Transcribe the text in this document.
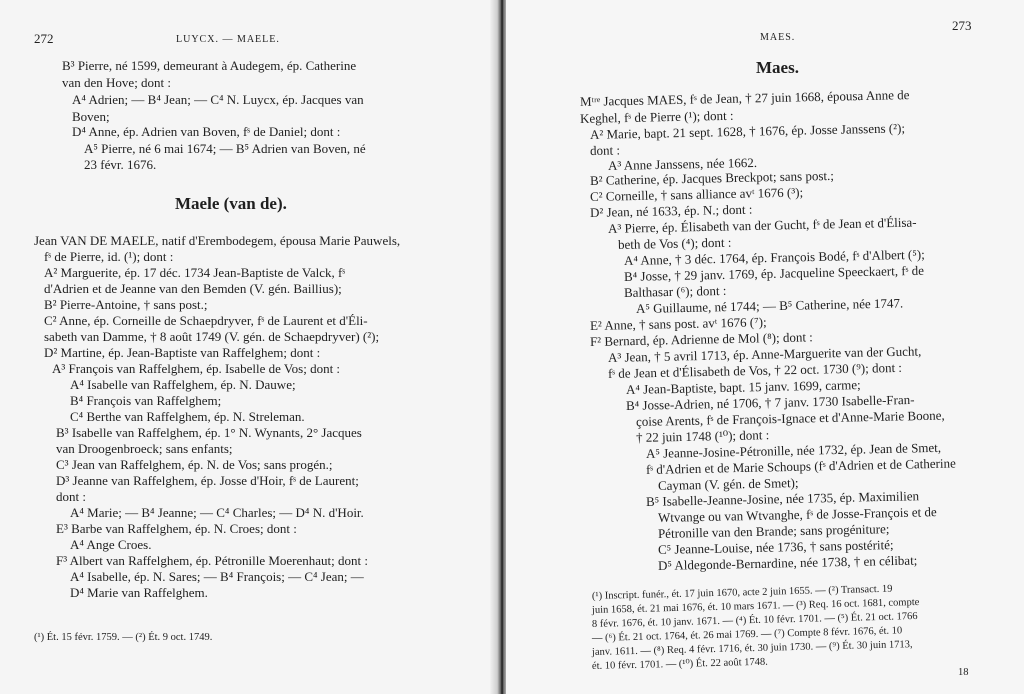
272	LUYCX. — MAELE.
B³ Pierre, né 1599, demeurant à Audegem, ép. Catherine
van den Hove; dont :
A⁴ Adrien; — B⁴ Jean; — C⁴ N. Luycx, ép. Jacques van
Boven;
D⁴ Anne, ép. Adrien van Boven, fˢ de Daniel; dont :
A⁵ Pierre, né 6 mai 1674; — B⁵ Adrien van Boven, né
23 févr. 1676.
Maele (van de).
Jean VAN DE MAELE, natif d'Erembodegem, épousa Marie Pauwels,
fˢ de Pierre, id. (¹); dont :
A² Marguerite, ép. 17 déc. 1734 Jean-Baptiste de Valck, fˢ
d'Adrien et de Jeanne van den Bemden (V. gén. Baillius);
B² Pierre-Antoine, † sans post.;
C² Anne, ép. Corneille de Schaepdryver, fˢ de Laurent et d'Éli-
sabeth van Damme, † 8 août 1749 (V. gén. de Schaepdryver) (²);
D² Martine, ép. Jean-Baptiste van Raffelghem; dont :
A³ François van Raffelghem, ép. Isabelle de Vos; dont :
A⁴ Isabelle van Raffelghem, ép. N. Dauwe;
B⁴ François van Raffelghem;
C⁴ Berthe van Raffelghem, ép. N. Streleman.
B³ Isabelle van Raffelghem, ép. 1° N. Wynants, 2° Jacques
van Droogenbroeck; sans enfants;
C³ Jean van Raffelghem, ép. N. de Vos; sans progén.;
D³ Jeanne van Raffelghem, ép. Josse d'Hoir, fˢ de Laurent;
dont :
A⁴ Marie; — B⁴ Jeanne; — C⁴ Charles; — D⁴ N. d'Hoir.
E³ Barbe van Raffelghem, ép. N. Croes; dont :
A⁴ Ange Croes.
F³ Albert van Raffelghem, ép. Pétronille Moerenhaut; dont :
A⁴ Isabelle, ép. N. Sares; — B⁴ François; — C⁴ Jean; —
D⁴ Marie van Raffelghem.
(¹) Ét. 15 févr. 1759. — (²) Ét. 9 oct. 1749.
273
MAES.
Maes.
Mᵗʳᵉ Jacques MAES, fˢ de Jean, † 27 juin 1668, épousa Anne de
Keghel, fˢ de Pierre (¹); dont :
A² Marie, bapt. 21 sept. 1628, † 1676, ép. Josse Janssens (²);
dont :
A³ Anne Janssens, née 1662.
B² Catherine, ép. Jacques Breckpot; sans post.;
C² Corneille, † sans alliance avᵗ 1676 (³);
D² Jean, né 1633, ép. N.; dont :
A³ Pierre, ép. Élisabeth van der Gucht, fˢ de Jean et d'Élisa-
beth de Vos (⁴); dont :
A⁴ Anne, † 3 déc. 1764, ép. François Bodé, fˢ d'Albert (⁵);
B⁴ Josse, † 29 janv. 1769, ép. Jacqueline Speeckaert, fˢ de
Balthasar (⁶); dont :
A⁵ Guillaume, né 1744; — B⁵ Catherine, née 1747.
E² Anne, † sans post. avᵗ 1676 (⁷);
F² Bernard, ép. Adrienne de Mol (⁸); dont :
A³ Jean, † 5 avril 1713, ép. Anne-Marguerite van der Gucht,
fˢ de Jean et d'Élisabeth de Vos, † 22 oct. 1730 (⁹); dont :
A⁴ Jean-Baptiste, bapt. 15 janv. 1699, carme;
B⁴ Josse-Adrien, né 1706, † 7 janv. 1730 Isabelle-Fran-
çoise Arents, fˢ de François-Ignace et d'Anne-Marie Boone,
† 22 juin 1748 (¹⁰); dont :
A⁵ Jeanne-Josine-Pétronille, née 1732, ép. Jean de Smet,
fˢ d'Adrien et de Marie Schoups (fˢ d'Adrien et de Catherine
Cayman (V. gén. de Smet);
B⁵ Isabelle-Jeanne-Josine, née 1735, ép. Maximilien
Wtvange ou van Wtvanghe, fˢ de Josse-François et de
Pétronille van den Brande; sans progéniture;
C⁵ Jeanne-Louise, née 1736, † sans postérité;
D⁵ Aldegonde-Bernardine, née 1738, † en célibat;
(¹) Inscript. funér., ét. 17 juin 1670, acte 2 juin 1655. — (²) Transact. 19
juin 1658, ét. 21 mai 1676, ét. 10 mars 1671. — (³) Req. 16 oct. 1681, compte
8 févr. 1676, ét. 10 janv. 1671. — (⁴) Ét. 10 févr. 1701. — (⁵) Ét. 21 oct. 1766
— (⁶) Ét. 21 oct. 1764, ét. 26 mai 1769. — (⁷) Compte 8 févr. 1676, ét. 10
janv. 1611. — (⁸) Req. 4 févr. 1716, ét. 30 juin 1730. — (⁹) Ét. 30 juin 1713,
ét. 10 févr. 1701. — (¹⁰) Ét. 22 août 1748.
18
